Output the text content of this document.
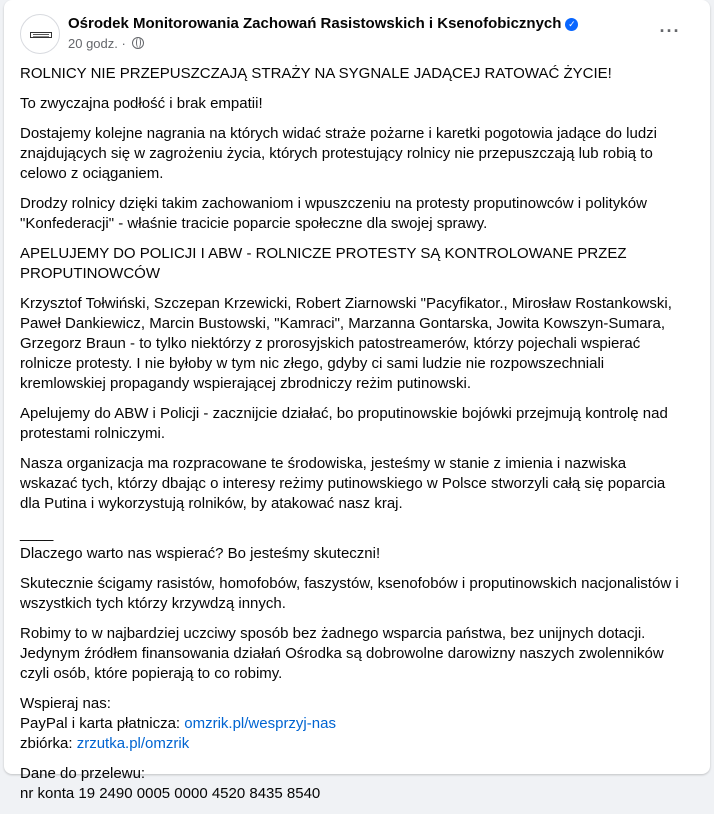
Ośrodek Monitorowania Zachowań Rasistowskich i Ksenofobicznych ✓
20 godz. ·
···

ROLNICY NIE PRZEPUSZCZAJĄ STRAŻY NA SYGNALE JADĄCEJ RATOWAĆ ŻYCIE!

To zwyczajna podłość i brak empatii!

Dostajemy kolejne nagrania na których widać straże pożarne i karetki pogotowia jadące do ludzi znajdujących się w zagrożeniu życia, których protestujący rolnicy nie przepuszczają lub robią to celowo z ociąganiem.

Drodzy rolnicy dzięki takim zachowaniom i wpuszczeniu na protesty proputinowców i polityków "Konfederacji" - właśnie tracicie poparcie społeczne dla swojej sprawy.

APELUJEMY DO POLICJI I ABW - ROLNICZE PROTESTY SĄ KONTROLOWANE PRZEZ PROPUTINOWCÓW

Krzysztof Tołwiński, Szczepan Krzewicki, Robert Ziarnowski "Pacyfikator., Mirosław Rostankowski, Paweł Dankiewicz, Marcin Bustowski, "Kamraci", Marzanna Gontarska, Jowita Kowszyn-Sumara, Grzegorz Braun - to tylko niektórzy z prorosyjskich patostreamerów, którzy pojechali wspierać rolnicze protesty. I nie byłoby w tym nic złego, gdyby ci sami ludzie nie rozpowszechniali kremlowskiej propagandy wspierającej zbrodniczy reżim putinowski.

Apelujemy do ABW i Policji - zacznijcie działać, bo proputinowskie bojówki przejmują kontrolę nad protestami rolniczymi.

Nasza organizacja ma rozpracowane te środowiska, jesteśmy w stanie z imienia i nazwiska wskazać tych, którzy dbając o interesy reżimy putinowskiego w Polsce stworzyli całą się poparcia dla Putina i wykorzystują rolników, by atakować nasz kraj.

____

Dlaczego warto nas wspierać? Bo jesteśmy skuteczni!

Skutecznie ścigamy rasistów, homofobów, faszystów, ksenofobów i proputinowskich nacjonalistów i wszystkich tych którzy krzywdzą innych.

Robimy to w najbardziej uczciwy sposób bez żadnego wsparcia państwa, bez unijnych dotacji. Jedynym źródłem finansowania działań Ośrodka są dobrowolne darowizny naszych zwolenników czyli osób, które popierają to co robimy.

Wspieraj nas:
PayPal i karta płatnicza: omzrik.pl/wesprzyj-nas
zbiórka: zrzutka.pl/omzrik

Dane do przelewu:
nr konta 19 2490 0005 0000 4520 8435 8540
